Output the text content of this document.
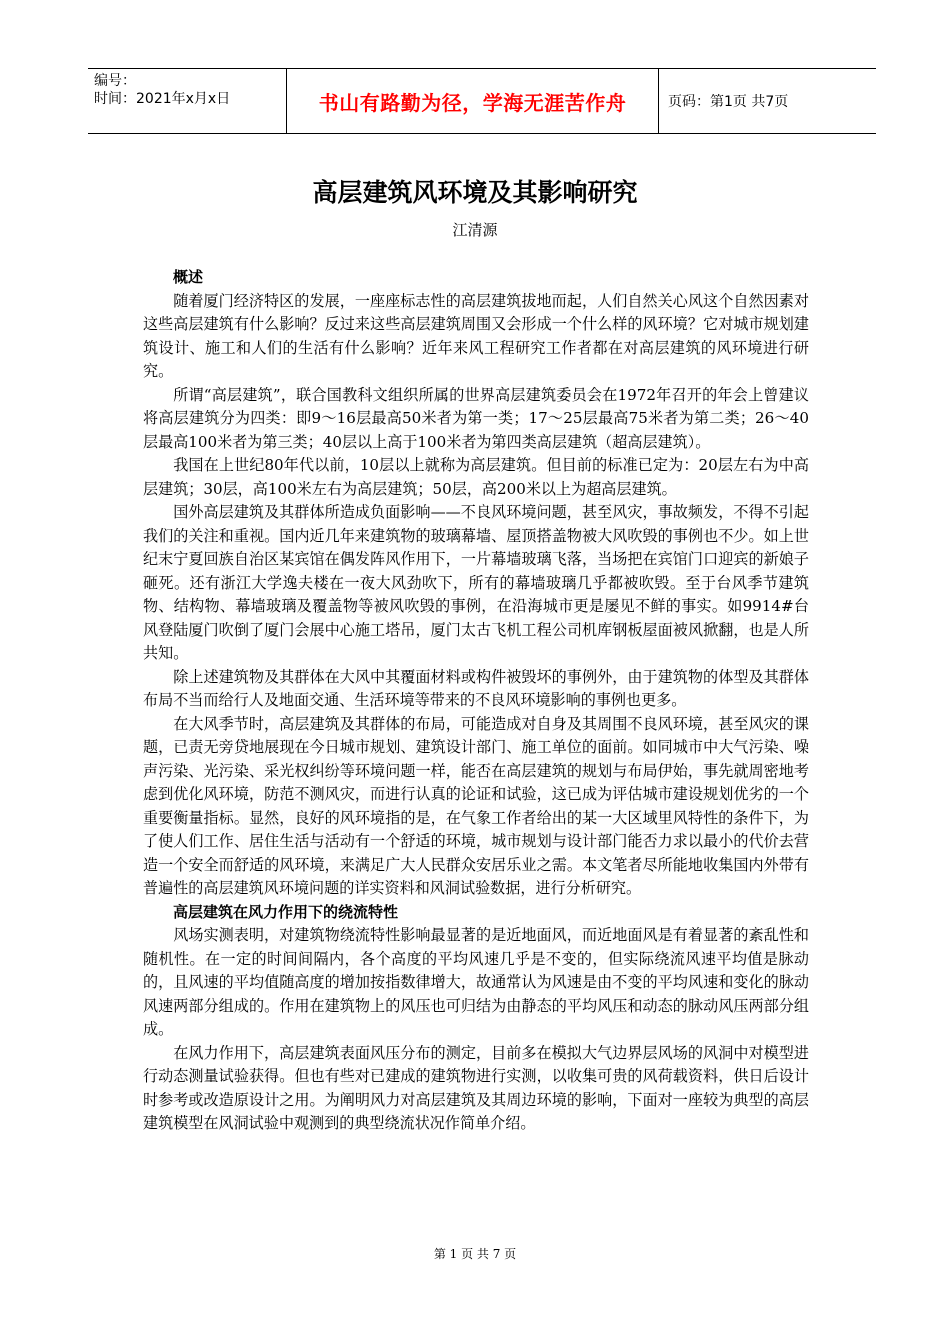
编号：
时间：2021年x月x日	书山有路勤为径，学海无涯苦作舟	页码：第1页 共7页
高层建筑风环境及其影响研究
江清源
概述

随着厦门经济特区的发展，一座座标志性的高层建筑拔地而起，人们自然关心风这个自然因素对这些高层建筑有什么影响？反过来这些高层建筑周围又会形成一个什么样的风环境？它对城市规划建筑设计、施工和人们的生活有什么影响？近年来风工程研究工作者都在对高层建筑的风环境进行研究。

所谓“高层建筑”，联合国教科文组织所属的世界高层建筑委员会在1972年召开的年会上曾建议将高层建筑分为四类：即9～16层最高50米者为第一类；17～25层最高75米者为第二类；26～40层最高100米者为第三类；40层以上高于100米者为第四类高层建筑（超高层建筑）。

我国在上世纪80年代以前，10层以上就称为高层建筑。但目前的标准已定为：20层左右为中高层建筑；30层，高100米左右为高层建筑；50层，高200米以上为超高层建筑。

国外高层建筑及其群体所造成负面影响——不良风环境问题，甚至风灾，事故频发，不得不引起我们的关注和重视。国内近几年来建筑物的玻璃幕墙、屋顶搭盖物被大风吹毁的事例也不少。如上世纪末宁夏回族自治区某宾馆在偶发阵风作用下，一片幕墙玻璃飞落，当场把在宾馆门口迎宾的新娘子砸死。还有浙江大学逸夫楼在一夜大风劲吹下，所有的幕墙玻璃几乎都被吹毁。至于台风季节建筑物、结构物、幕墙玻璃及覆盖物等被风吹毁的事例，在沿海城市更是屡见不鲜的事实。如9914#台风登陆厦门吹倒了厦门会展中心施工塔吊，厦门太古飞机工程公司机库钢板屋面被风掀翻，也是人所共知。

除上述建筑物及其群体在大风中其覆面材料或构件被毁坏的事例外，由于建筑物的体型及其群体布局不当而给行人及地面交通、生活环境等带来的不良风环境影响的事例也更多。

在大风季节时，高层建筑及其群体的布局，可能造成对自身及其周围不良风环境，甚至风灾的课题，已责无旁贷地展现在今日城市规划、建筑设计部门、施工单位的面前。如同城市中大气污染、噪声污染、光污染、采光权纠纷等环境问题一样，能否在高层建筑的规划与布局伊始，事先就周密地考虑到优化风环境，防范不测风灾，而进行认真的论证和试验，这已成为评估城市建设规划优劣的一个重要衡量指标。显然，良好的风环境指的是，在气象工作者给出的某一大区域里风特性的条件下，为了使人们工作、居住生活与活动有一个舒适的环境，城市规划与设计部门能否力求以最小的代价去营造一个安全而舒适的风环境，来满足广大人民群众安居乐业之需。本文笔者尽所能地收集国内外带有普遍性的高层建筑风环境问题的详实资料和风洞试验数据，进行分析研究。

高层建筑在风力作用下的绕流特性

风场实测表明，对建筑物绕流特性影响最显著的是近地面风，而近地面风是有着显著的紊乱性和随机性。在一定的时间间隔内，各个高度的平均风速几乎是不变的，但实际绕流风速平均值是脉动的，且风速的平均值随高度的增加按指数律增大，故通常认为风速是由不变的平均风速和变化的脉动风速两部分组成的。作用在建筑物上的风压也可归结为由静态的平均风压和动态的脉动风压两部分组成。

在风力作用下，高层建筑表面风压分布的测定，目前多在模拟大气边界层风场的风洞中对模型进行动态测量试验获得。但也有些对已建成的建筑物进行实测，以收集可贵的风荷载资料，供日后设计时参考或改造原设计之用。为阐明风力对高层建筑及其周边环境的影响，下面对一座较为典型的高层建筑模型在风洞试验中观测到的典型绕流状况作简单介绍。

第 1 页 共 7 页
